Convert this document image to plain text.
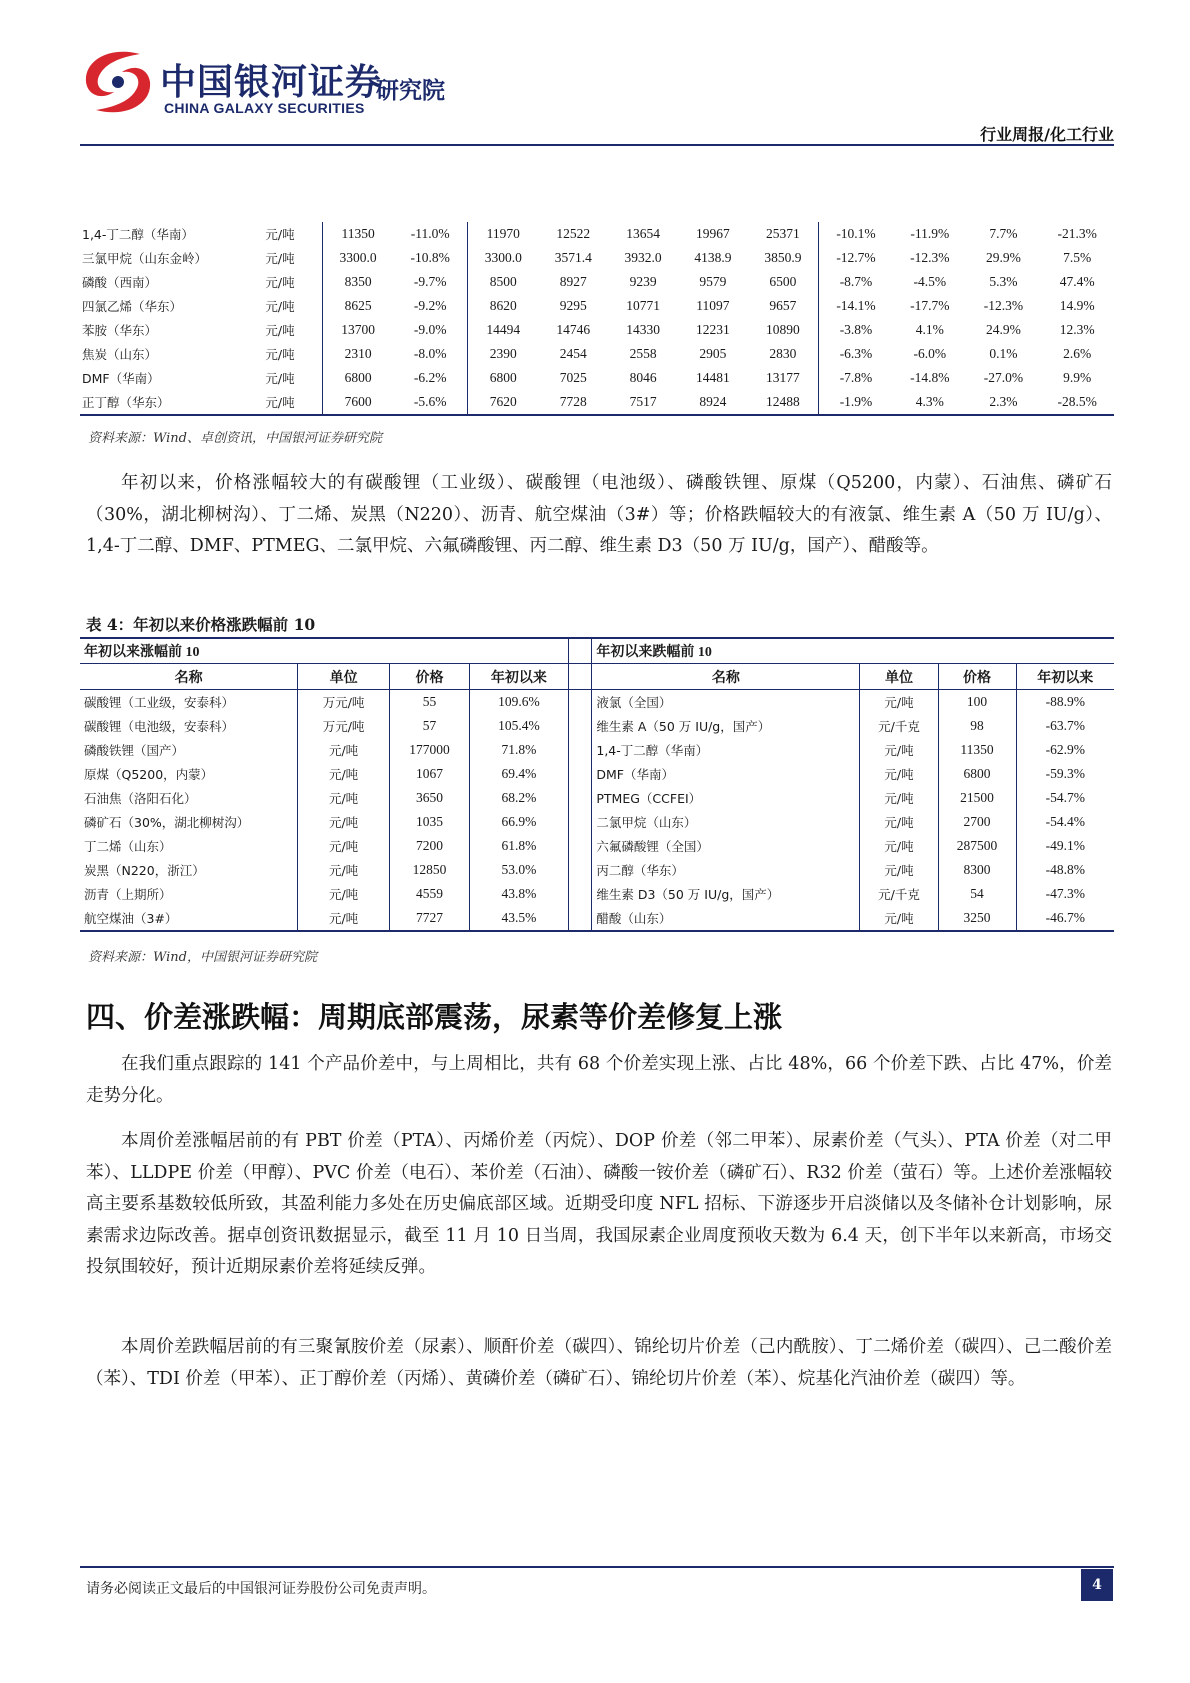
中国银河证券
CHINA GALAXY SECURITIES
研究院
行业周报/化工行业
1,4-丁二醇（华南）	元/吨	11350	-11.0%	11970	12522	13654	19967	25371	-10.1%	-11.9%	7.7%	-21.3%
三氯甲烷（山东金岭）	元/吨	3300.0	-10.8%	3300.0	3571.4	3932.0	4138.9	3850.9	-12.7%	-12.3%	29.9%	7.5%
磷酸（西南）	元/吨	8350	-9.7%	8500	8927	9239	9579	6500	-8.7%	-4.5%	5.3%	47.4%
四氯乙烯（华东）	元/吨	8625	-9.2%	8620	9295	10771	11097	9657	-14.1%	-17.7%	-12.3%	14.9%
苯胺（华东）	元/吨	13700	-9.0%	14494	14746	14330	12231	10890	-3.8%	4.1%	24.9%	12.3%
焦炭（山东）	元/吨	2310	-8.0%	2390	2454	2558	2905	2830	-6.3%	-6.0%	0.1%	2.6%
DMF（华南）	元/吨	6800	-6.2%	6800	7025	8046	14481	13177	-7.8%	-14.8%	-27.0%	9.9%
正丁醇（华东）	元/吨	7600	-5.6%	7620	7728	7517	8924	12488	-1.9%	4.3%	2.3%	-28.5%
资料来源：Wind、卓创资讯，中国银河证券研究院
年初以来，价格涨幅较大的有碳酸锂（工业级）、碳酸锂（电池级）、磷酸铁锂、原煤（Q5200，内蒙）、石油焦、磷矿石（30%，湖北柳树沟）、丁二烯、炭黑（N220）、沥青、航空煤油（3#）等；价格跌幅较大的有液氯、维生素 A（50 万 IU/g）、1,4-丁二醇、DMF、PTMEG、二氯甲烷、六氟磷酸锂、丙二醇、维生素 D3（50 万 IU/g，国产）、醋酸等。
表 4：年初以来价格涨跌幅前 10
年初以来涨幅前 10					年初以来跌幅前 10			
名称	单位	价格	年初以来		名称	单位	价格	年初以来
碳酸锂（工业级，安泰科）	万元/吨	55	109.6%		液氯（全国）	元/吨	100	-88.9%
碳酸锂（电池级，安泰科）	万元/吨	57	105.4%		维生素 A（50 万 IU/g，国产）	元/千克	98	-63.7%
磷酸铁锂（国产）	元/吨	177000	71.8%		1,4-丁二醇（华南）	元/吨	11350	-62.9%
原煤（Q5200，内蒙）	元/吨	1067	69.4%		DMF（华南）	元/吨	6800	-59.3%
石油焦（洛阳石化）	元/吨	3650	68.2%		PTMEG（CCFEI）	元/吨	21500	-54.7%
磷矿石（30%，湖北柳树沟）	元/吨	1035	66.9%		二氯甲烷（山东）	元/吨	2700	-54.4%
丁二烯（山东）	元/吨	7200	61.8%		六氟磷酸锂（全国）	元/吨	287500	-49.1%
炭黑（N220，浙江）	元/吨	12850	53.0%		丙二醇（华东）	元/吨	8300	-48.8%
沥青（上期所）	元/吨	4559	43.8%		维生素 D3（50 万 IU/g，国产）	元/千克	54	-47.3%
航空煤油（3#）	元/吨	7727	43.5%		醋酸（山东）	元/吨	3250	-46.7%
资料来源：Wind，中国银河证券研究院
四、价差涨跌幅：周期底部震荡，尿素等价差修复上涨
在我们重点跟踪的 141 个产品价差中，与上周相比，共有 68 个价差实现上涨、占比 48%，66 个价差下跌、占比 47%，价差走势分化。
本周价差涨幅居前的有 PBT 价差（PTA）、丙烯价差（丙烷）、DOP 价差（邻二甲苯）、尿素价差（气头）、PTA 价差（对二甲苯）、LLDPE 价差（甲醇）、PVC 价差（电石）、苯价差（石油）、磷酸一铵价差（磷矿石）、R32 价差（萤石）等。上述价差涨幅较高主要系基数较低所致，其盈利能力多处在历史偏底部区域。近期受印度 NFL 招标、下游逐步开启淡储以及冬储补仓计划影响，尿素需求边际改善。据卓创资讯数据显示，截至 11 月 10 日当周，我国尿素企业周度预收天数为 6.4 天，创下半年以来新高，市场交投氛围较好，预计近期尿素价差将延续反弹。
本周价差跌幅居前的有三聚氰胺价差（尿素）、顺酐价差（碳四）、锦纶切片价差（己内酰胺）、丁二烯价差（碳四）、己二酸价差（苯）、TDI 价差（甲苯）、正丁醇价差（丙烯）、黄磷价差（磷矿石）、锦纶切片价差（苯）、烷基化汽油价差（碳四）等。
请务必阅读正文最后的中国银河证券股份公司免责声明。	4
